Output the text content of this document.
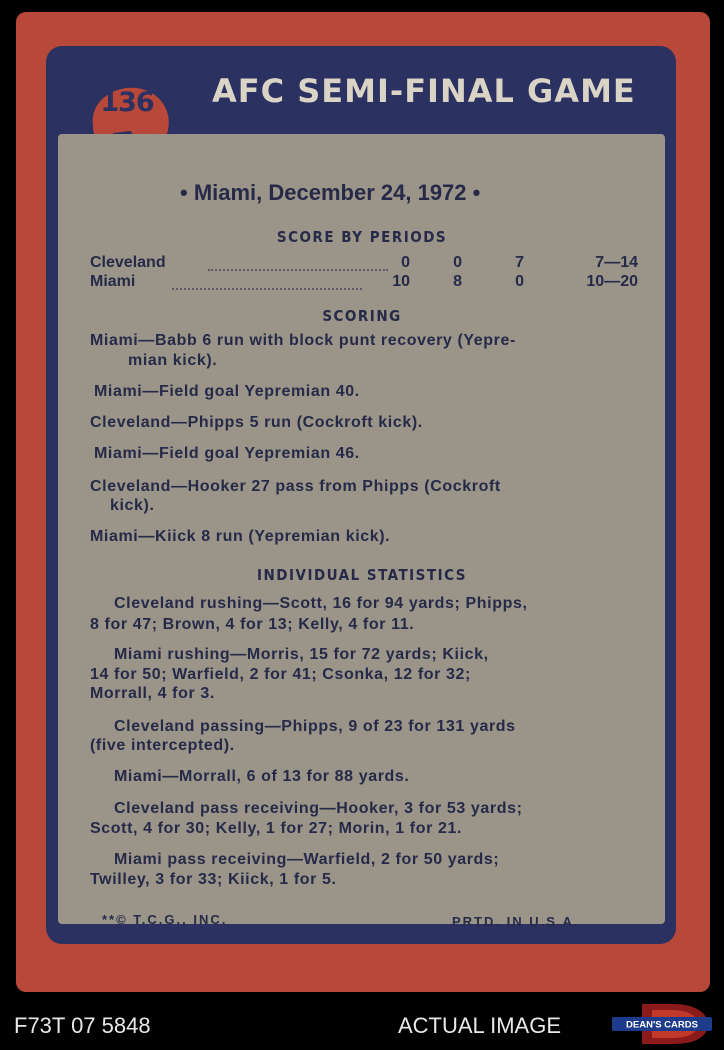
136 AFC SEMI-FINAL GAME
• Miami, December 24, 1972 •
SCORE BY PERIODS
Cleveland	0	0	7	7—14
Miami	10	8	0	10—20
SCORING
Miami—Babb 6 run with block punt recovery (Yepre-
mian kick).
Miami—Field goal Yepremian 40.
Cleveland—Phipps 5 run (Cockroft kick).
Miami—Field goal Yepremian 46.
Cleveland—Hooker 27 pass from Phipps (Cockroft
kick).
Miami—Kiick 8 run (Yepremian kick).
INDIVIDUAL STATISTICS
Cleveland rushing—Scott, 16 for 94 yards; Phipps,
8 for 47; Brown, 4 for 13; Kelly, 4 for 11.
Miami rushing—Morris, 15 for 72 yards; Kiick,
14 for 50; Warfield, 2 for 41; Csonka, 12 for 32;
Morrall, 4 for 3.
Cleveland passing—Phipps, 9 of 23 for 131 yards
(five intercepted).
Miami—Morrall, 6 of 13 for 88 yards.
Cleveland pass receiving—Hooker, 3 for 53 yards;
Scott, 4 for 30; Kelly, 1 for 27; Morin, 1 for 21.
Miami pass receiving—Warfield, 2 for 50 yards;
Twilley, 3 for 33; Kiick, 1 for 5.
**© T.C.G., INC.	PRTD. IN U.S.A.
F73T 07 5848	ACTUAL IMAGE	DEAN'S CARDS
